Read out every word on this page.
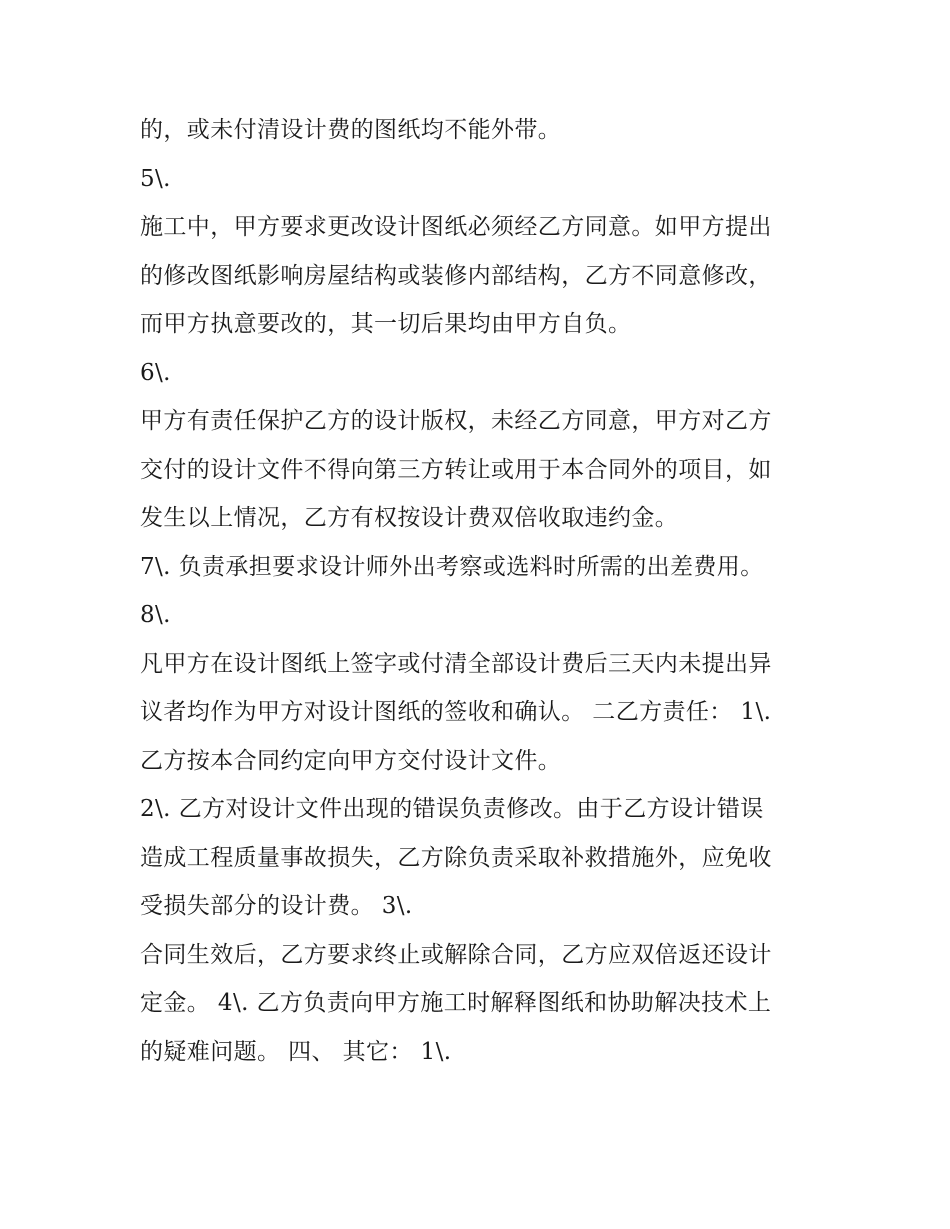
的，或未付清设计费的图纸均不能外带。
5\.
施工中，甲方要求更改设计图纸必须经乙方同意。如甲方提出
的修改图纸影响房屋结构或装修内部结构，乙方不同意修改，
而甲方执意要改的，其一切后果均由甲方自负。
6\.
甲方有责任保护乙方的设计版权，未经乙方同意，甲方对乙方
交付的设计文件不得向第三方转让或用于本合同外的项目，如
发生以上情况，乙方有权按设计费双倍收取违约金。
7\. 负责承担要求设计师外出考察或选料时所需的出差费用。
8\.
凡甲方在设计图纸上签字或付清全部设计费后三天内未提出异
议者均作为甲方对设计图纸的签收和确认。 二乙方责任： 1\.
乙方按本合同约定向甲方交付设计文件。
2\. 乙方对设计文件出现的错误负责修改。由于乙方设计错误
造成工程质量事故损失，乙方除负责采取补救措施外，应免收
受损失部分的设计费。 3\.
合同生效后，乙方要求终止或解除合同，乙方应双倍返还设计
定金。 4\. 乙方负责向甲方施工时解释图纸和协助解决技术上
的疑难问题。 四、 其它： 1\.
